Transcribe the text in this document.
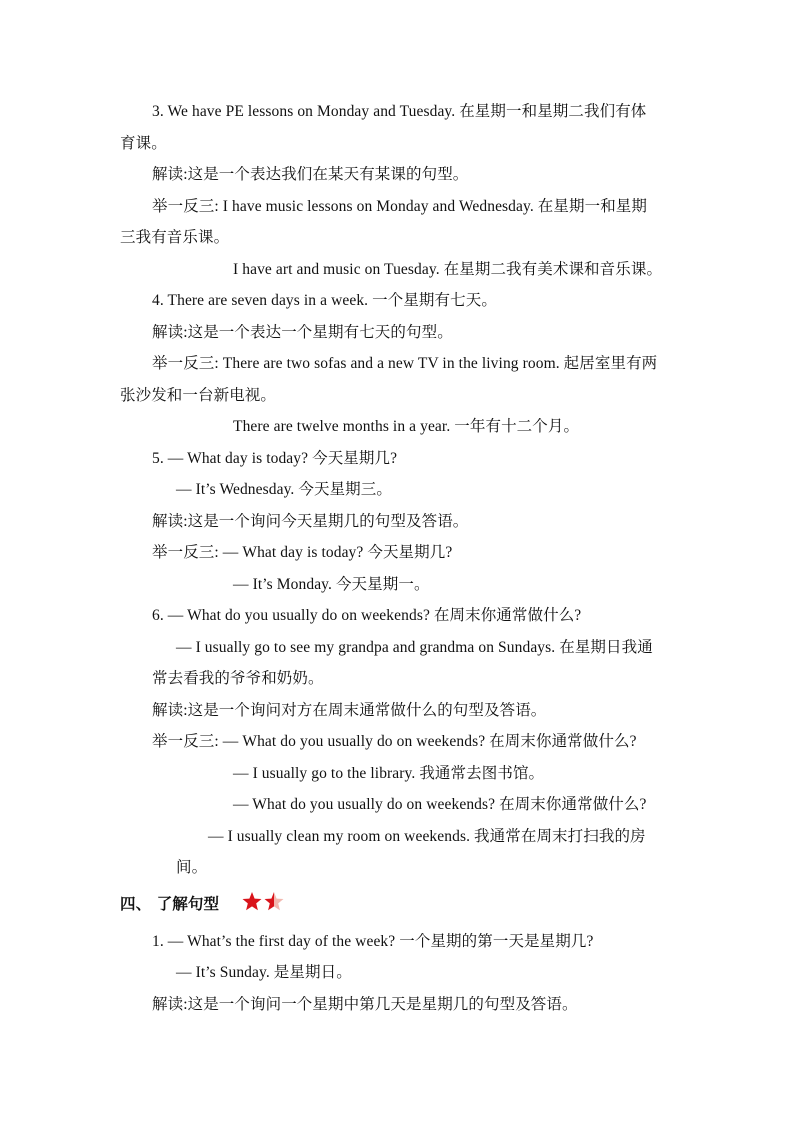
3. We have PE lessons on Monday and Tuesday. 在星期一和星期二我们有体
育课。
解读:这是一个表达我们在某天有某课的句型。
举一反三: I have music lessons on Monday and Wednesday. 在星期一和星期
三我有音乐课。
I have art and music on Tuesday. 在星期二我有美术课和音乐课。
4. There are seven days in a week. 一个星期有七天。
解读:这是一个表达一个星期有七天的句型。
举一反三: There are two sofas and a new TV in the living room. 起居室里有两
张沙发和一台新电视。
There are twelve months in a year. 一年有十二个月。
5. — What day is today? 今天星期几?
— It’s Wednesday. 今天星期三。
解读:这是一个询问今天星期几的句型及答语。
举一反三: — What day is today? 今天星期几?
— It’s Monday. 今天星期一。
6. — What do you usually do on weekends? 在周末你通常做什么?
— I usually go to see my grandpa and grandma on Sundays. 在星期日我通
常去看我的爷爷和奶奶。
解读:这是一个询问对方在周末通常做什么的句型及答语。
举一反三: — What do you usually do on weekends? 在周末你通常做什么?
— I usually go to the library. 我通常去图书馆。
— What do you usually do on weekends? 在周末你通常做什么?
— I usually clean my room on weekends. 我通常在周末打扫我的房
间。
四、 了解句型
1. — What’s the first day of the week? 一个星期的第一天是星期几?
— It’s Sunday. 是星期日。
解读:这是一个询问一个星期中第几天是星期几的句型及答语。
